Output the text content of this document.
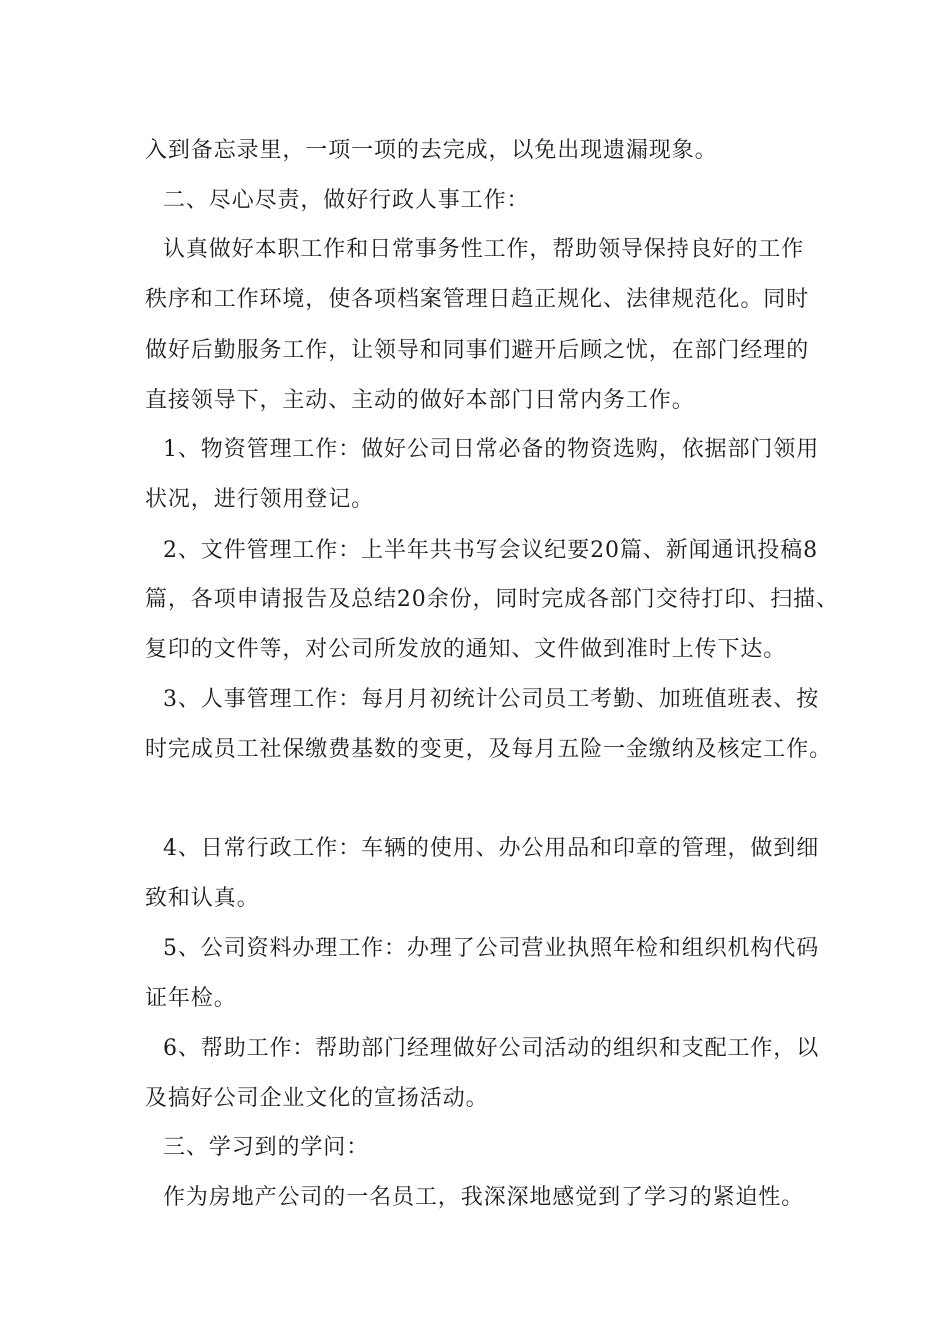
入到备忘录里，一项一项的去完成，以免出现遗漏现象。
二、尽心尽责，做好行政人事工作：
认真做好本职工作和日常事务性工作，帮助领导保持良好的工作
秩序和工作环境，使各项档案管理日趋正规化、法律规范化。同时
做好后勤服务工作，让领导和同事们避开后顾之忧，在部门经理的
直接领导下，主动、主动的做好本部门日常内务工作。
1、物资管理工作：做好公司日常必备的物资选购，依据部门领用
状况，进行领用登记。
2、文件管理工作：上半年共书写会议纪要20篇、新闻通讯投稿8
篇，各项申请报告及总结20余份，同时完成各部门交待打印、扫描、
复印的文件等，对公司所发放的通知、文件做到准时上传下达。
3、人事管理工作：每月月初统计公司员工考勤、加班值班表、按
时完成员工社保缴费基数的变更，及每月五险一金缴纳及核定工作。
4、日常行政工作：车辆的使用、办公用品和印章的管理，做到细
致和认真。
5、公司资料办理工作：办理了公司营业执照年检和组织机构代码
证年检。
6、帮助工作：帮助部门经理做好公司活动的组织和支配工作，以
及搞好公司企业文化的宣扬活动。
三、学习到的学问：
作为房地产公司的一名员工，我深深地感觉到了学习的紧迫性。
